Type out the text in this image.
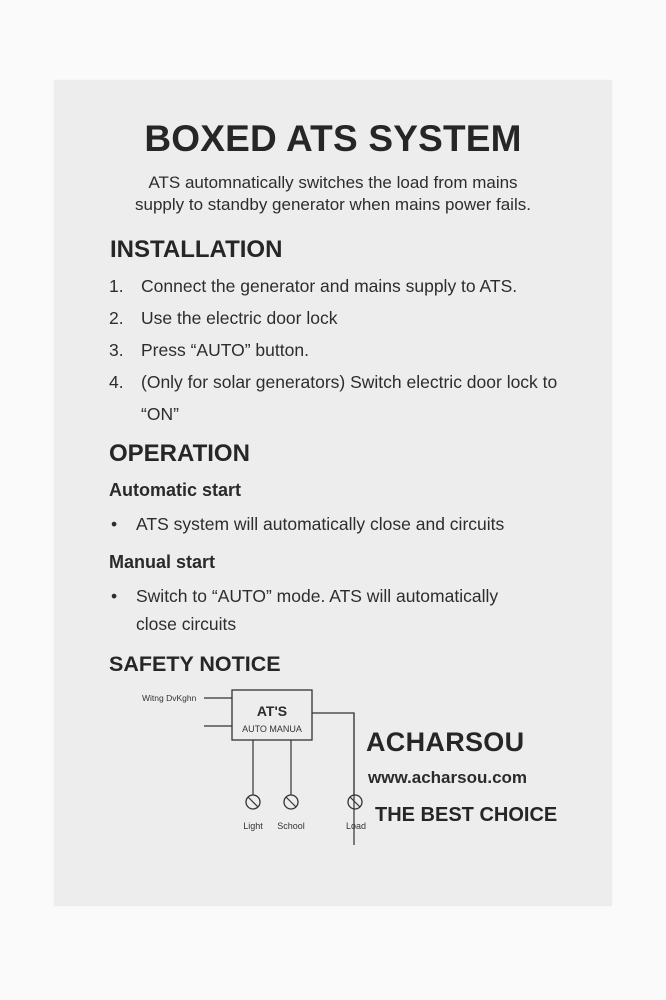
BOXED ATS SYSTEM

ATS automnatically switches the load from mains
supply to standby generator when mains power fails.

INSTALLATION
1. Connect the generator and mains supply to ATS.
2. Use the electric door lock
3. Press “AUTO” button.
4. (Only for solar generators) Switch electric door lock to “ON”
OPERATION
Automatic start
• ATS system will automatically close and circuits
Manual start
• Switch to “AUTO” mode. ATS will automatically close circuits
SAFETY NOTICE
Witng DvKghn
AT'S
AUTO MANUA
Light School	Load
ACHARSOU
www.acharsou.com
THE BEST CHOICE
